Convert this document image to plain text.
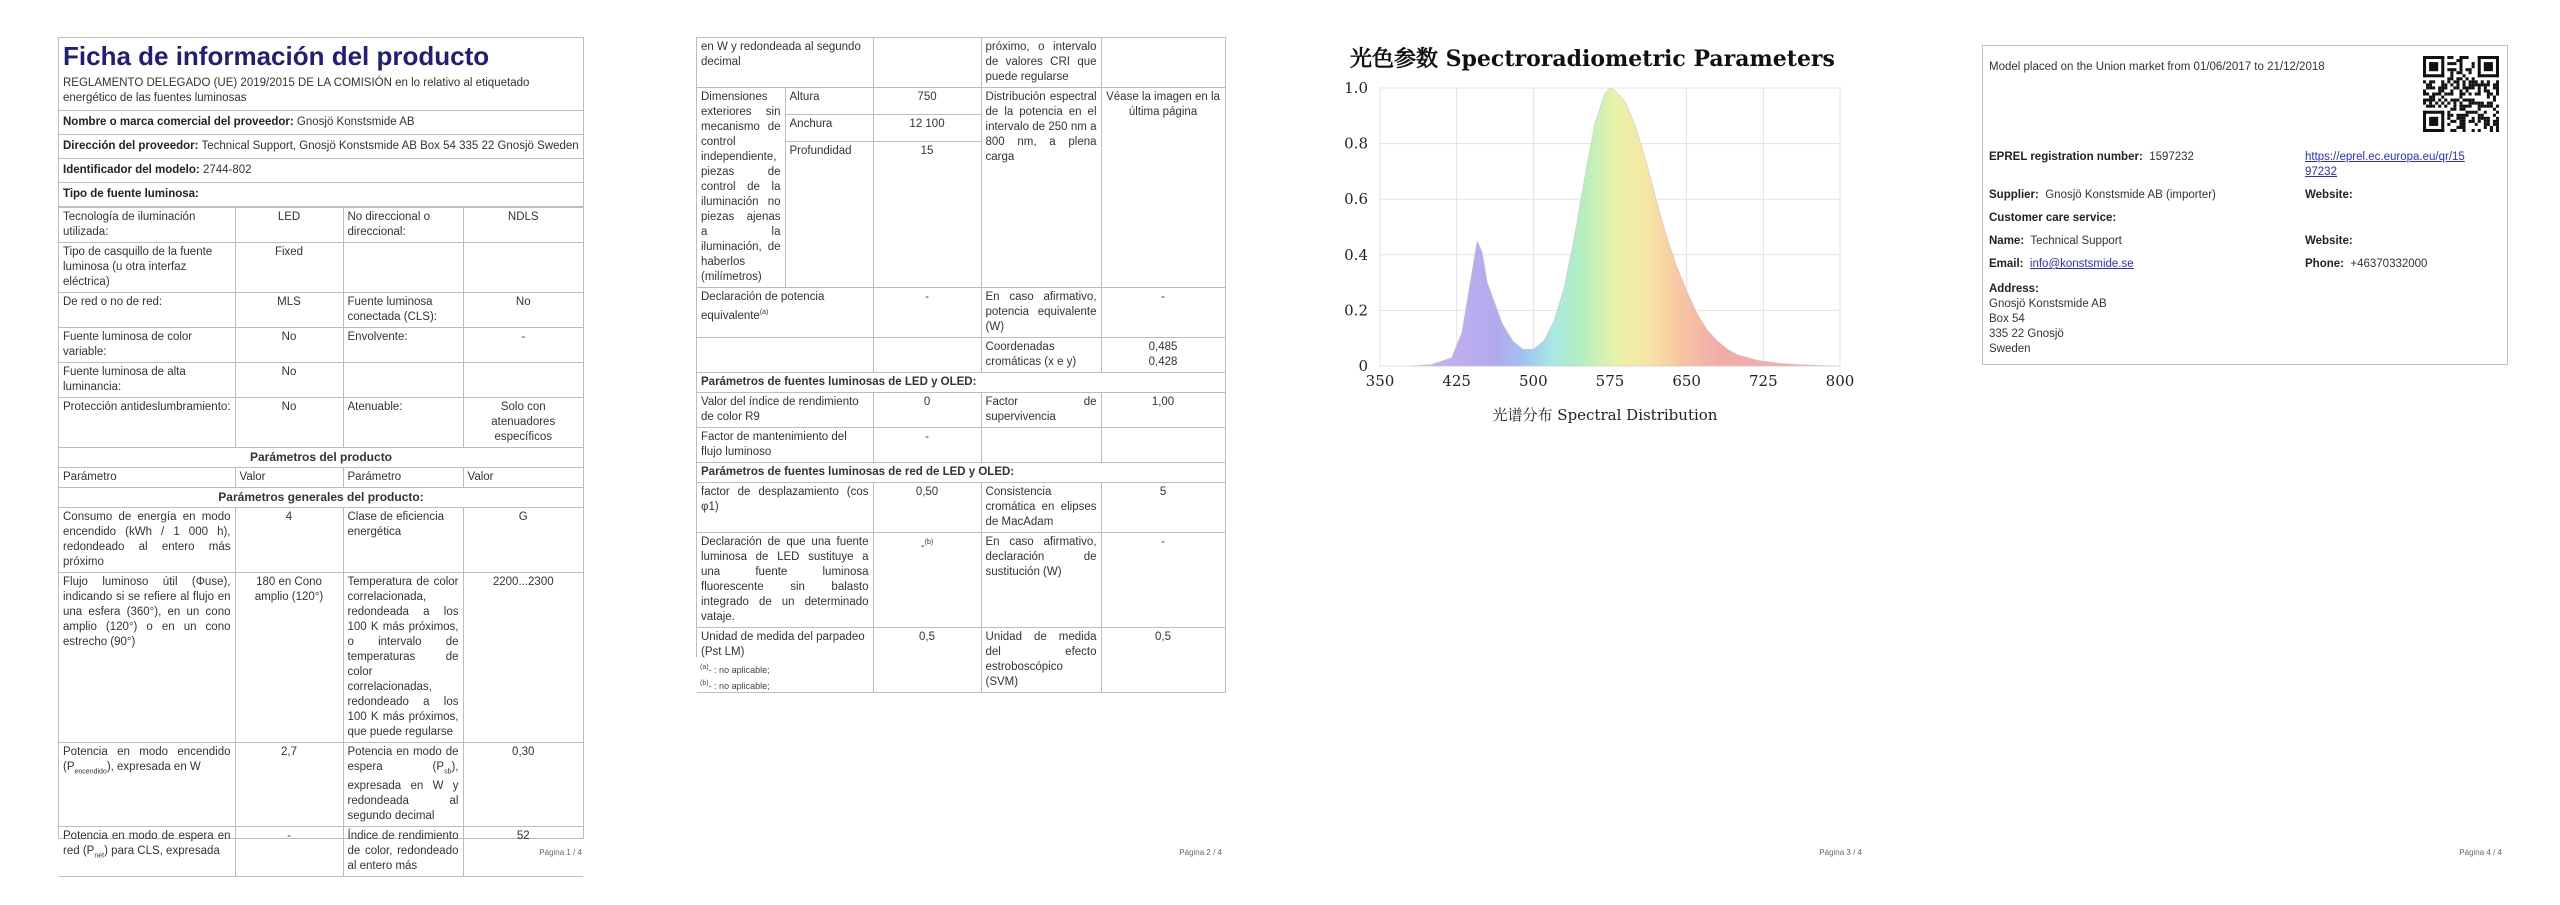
Ficha de información del producto
REGLAMENTO DELEGADO (UE) 2019/2015 DE LA COMISIÓN en lo relativo al etiquetado energético de las fuentes luminosas
Nombre o marca comercial del proveedor: Gnosjö Konstsmide AB
Dirección del proveedor: Technical Support, Gnosjö Konstsmide AB Box 54 335 22 Gnosjö Sweden
Identificador del modelo: 2744-802
Tipo de fuente luminosa:
Tecnología de iluminación utilizada:	LED	No direccional o direccional:	NDLS
Tipo de casquillo de la fuente luminosa (u otra interfaz eléctrica)	Fixed		
De red o no de red:	MLS	Fuente luminosa conectada (CLS):	No
Fuente luminosa de color variable:	No	Envolvente:	-
Fuente luminosa de alta luminancia:	No		
Protección antideslumbramiento:	No	Atenuable:	Solo con atenuadores específicos
Parámetros del producto			
Parámetro	Valor	Parámetro	Valor
Parámetros generales del producto:			
Consumo de energía en modo encendido (kWh / 1 000 h), redondeado al entero más próximo	4	Clase de eficiencia energética	G
Flujo luminoso útil (Φuse), indicando si se refiere al flujo en una esfera (360°), en un cono amplio (120°) o en un cono estrecho (90°)	180 en Cono amplio (120°)	Temperatura de color correlacionada, redondeada a los 100 K más próximos, o intervalo de temperaturas de color correlacionadas, redondeado a los 100 K más próximos, que puede regularse	2200...2300
Potencia en modo encendido $(P_{encendido})$, expresada en W	2,7	Potencia en modo de espera $(P_{sb})$, expresada en W y redondeada al segundo decimal	0,30
Potencia en modo de espera en red $(P_{net})$ para CLS, expresada	-	Índice de rendimiento de color, redondeado al entero más	52
Página 1 / 4
en W y redondeada al segundo decimal			próximo, o intervalo de valores CRI que puede regularse	
Dimensiones exteriores sin mecanismo de control independiente, piezas de control de la iluminación no piezas ajenas a la iluminación, de haberlos (milímetros)	Altura	750	Distribución espectral de la potencia en el intervalo de 250 nm a 800 nm, a plena carga	Véase la imagen en la última página
	Anchura	12 100		
	Profundidad	15		
Declaración de potencia equivalente$^{(a)}$		-	En caso afirmativo, potencia equivalente (W)	-
			Coordenadas cromáticas (x e y)	0,485
0,428

Parámetros de fuentes luminosas de LED y OLED:				
Valor del índice de rendimiento de color R9		0	Factor de supervivencia	1,00
Factor de mantenimiento del flujo luminoso		-		
Parámetros de fuentes luminosas de red de LED y OLED:				
factor de desplazamiento (cos φ1)		0,50	Consistencia cromática en elipses de MacAdam	5
Declaración de que una fuente luminosa de LED sustituye a una fuente luminosa fluorescente sin balasto integrado de un determinado vataje.		-$^{(b)}$	En caso afirmativo, declaración de sustitución (W)	-
Unidad de medida del parpadeo (Pst LM)		0,5	Unidad de medida del efecto estroboscópico (SVM)	0,5
$^{(a)}$- : no aplicable;
$^{(b)}$- : no aplicable;
Página 2 / 4
光色参数 Spectroradiometric Parameters
0
0.2
0.4
0.6
0.8
1.0
350	425	500	575	650	725	800
光谱分布 Spectral Distribution
Página 3 / 4
Model placed on the Union market from 01/06/2017 to 21/12/2018
EPREL registration number: 1597232	https://eprel.ec.europa.eu/qr/15
97232
Supplier: Gnosjö Konstsmide AB (importer)	Website:
Customer care service:
Name: Technical Support	Website:
Email: info@konstsmide.se	Phone: +46370332000
Address:
Gnosjö Konstsmide AB
Box 54
335 22 Gnosjö
Sweden
Página 4 / 4
